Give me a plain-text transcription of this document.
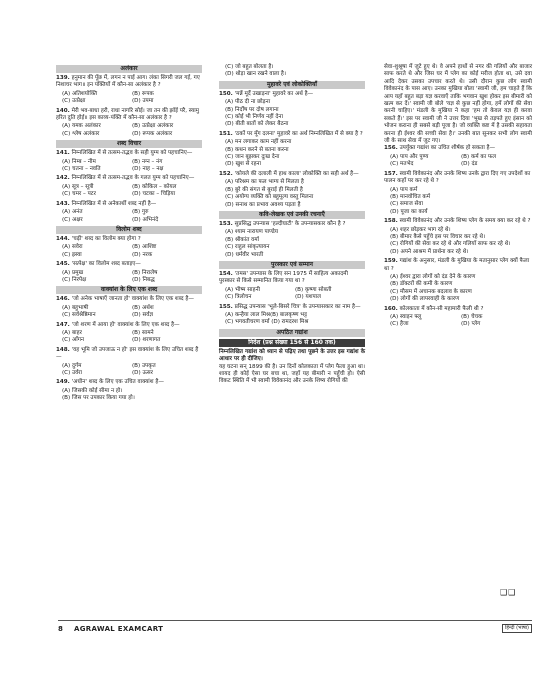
अलंकार
139. हनुमान की पूँछ में, लगन न पाई आग। लंका सिगरी जल गई, गए निशाचर भाग॥ इन पंक्तियों में कौन-सा अलंकार है ?
(A) अतिशयोक्ति	(B) रूपक
(C) उत्प्रेक्षा	(D) उपमा
140. मेरी भव-बाधा हरौ, राधा नागरि सोई। जा तन की झाँई परै, स्यामु हरित दुति होई॥ इस काव्य-पंक्ति में कौन-सा अलंकार है ?
(A) यमक अलंकार	(B) उत्प्रेक्षा अलंकार
(C) श्लेष अलंकार	(D) रूपक अलंकार
शब्द विचार
141. निम्नलिखित में से तत्सम-तद्भव के सही युग्म को पहचानिए—
(A) निम्ब – नीम	(B) नग्न – नंग
(C) चतना – नवति	(D) नाह – नक्ष
142. निम्नलिखित में से तत्सम-तद्भव के गलत युग्म को पहचानिए—
(A) सूत्र – सूत्री	(B) कोकिल – कोयल
(C) चमर – पटर	(D) चटका – चिड़िया
143. निम्नलिखित में से अनेकार्थी शब्द नहीं है—
(A) अनंत	(B) गुरु
(C) अक्षर	(D) अभिनंदे
विलोम शब्द
144. 'चढ़ी' शब्द का विलोम क्या होगा ?
(A) सवेरा	(B) आशिष्ट
(C) ह्रस्वा	(D) नरक
145. 'सत्पेक्ष' का विलोम शब्द बताइए—
(A) प्रमुख	(B) निरालेष
(C) निरपेक्ष	(D) निबद्ध
वाक्यांश के लिए एक शब्द
146. 'जो अनेक भाषाएँ जानता हो' वाक्यांश के लिए एक शब्द है—
(A) बहुभाषी	(B) अर्थश
(C) सर्वश्रेष्ठिमान	(D) सर्वज्ञ
147. 'जो शरण में आया हो' वाक्यांश के लिए एक शब्द है—
(A) बाहर	(B) सामने
(C) आँगन	(D) शरणागत
148. 'वह भूमि जो उपजाऊ न हो' इस वाक्यांश के लिए उचित शब्द है—
(A) दुर्गम	(B) उपकृत
(C) उर्वरा	(D) ऊसर
149. 'अधीन' शब्द के लिए एक उचित वाक्यांश है—
(A) जिसकी कोई सीमा न हो।
(B) जिस पर उपकार किया गया हो।
(C) जो बहुत बोलता है।
(D) थोड़ा खान रखने वाला है।
मुहावरे एवं लोकोक्तियाँ
150. 'मन्नें मूर्दे उखाड़ना' मुहावरे का अर्थ है—
(A) पीठ दी ना छोड़ना
(B) निर्दोष पर दोष लगाना
(C) कोई भी निर्णय नहीं देना
(D) बीती बातों को लेकर बैठना
151. 'ठकों पर मूँग दलना' मुहावरे का अर्थ निम्नलिखित में से क्या है ?
(A) मन लगाकर काम नहीं करना
(B) कथन करने से बतना करना
(C) जान बूझकर दुःख देना
(D) खुश से रहना
152. 'कोयले की दलाली में हाथ काला' लोकोक्ति का सही अर्थ है—
(A) परिश्रम का फल भाग्य से मिलता है
(B) बुरे की संगत से बुराई ही मिलती है
(C) अयोग्य व्यक्ति को बहुमूल्य वस्तु मिलना
(D) सनाथ का प्रभाव अवश्य पड़ता है
कवि-लेखक एवं उनकी रचनाएँ
153. सुप्रसिद्ध उपन्यास 'हल्दीघाटी' के उपन्यासकार कौन है ?
(A) श्याम नारायण पाण्डेय
(B) श्रीकांत वर्मा
(C) राहुल सांकृत्यायन
(D) धर्मवीर भारती
पुरस्कार एवं सम्मान
154. 'तमस' उपन्यास के लिए सन 1975 में साहित्य अकादमी पुरस्कार से किसे सम्मानित किया गया था ?
(A) भीष्म साहनी	(B) कृष्णा सोबती
(C) त्रिलोचन	(D) यशपाल
155. प्रसिद्ध उपन्यास 'भूले-बिसरे चित्र' के उपन्यासकार का नाम है—
(A) कन्हैया लाल मिश्र(B) बालकृष्ण भट्ट
(C) भगवतीचरण वर्मा (D) रामदरश मिश्र
अपठित गद्यांश
निर्देश (प्रश्न संख्या 156 से 160 तक)
निम्नलिखित गद्यांश को ध्यान से पढ़िए तथा पूछने के उत्तर इस गद्यांश के आधार पर ही दीजिए।
यह घटना सन् 1899 की है। उन दिनों कोलकाता में प्लेग फैला हुआ था। शायद ही कोई ऐसा घर बचा था, जहाँ यह बीमारी न पहुँची हो। ऐसी विकट स्थिति में भी स्वामी विवेकानंद और उनके शिष्य रोगियों की
सेवा-शुश्रूषा में जुटे हुए थे। वे अपने हाथों से नगर की गलियों और बाजार साफ करते थे और जिस घर में प्लेग का कोई मरीज होता था, उसे दवा आदि देकर उसका उपचार करते थे। उसी दौरान कुछ लोग स्वामी विवेकानंद के पास आए। उनका मुखिया बोला 'स्वामी जी, हम चाहते हैं कि आप यहाँ बहुत बड़ा यज्ञ करवाएँ ताकि भगवान खुश होकर इस बीमारी को खत्म कर दें।' स्वामी जी बोले 'यज्ञ से कुछ नहीं होगा, हमें लोगों की सेवा करनी चाहिए।' मंडली के मुखिया ने कहा 'हम तो केवल यज्ञ ही करवा सकते हैं।' इस पर स्वामी जी ने उत्तर दिया 'भूख से तड़पते हुए इंसान को भोजन कराना ही सबसे बड़ी पूजा है। जो व्यक्ति कष्ट में है उसकी सहायता करना ही ईश्वर की सच्ची सेवा है।' उनकी बात सुनकर सभी लोग स्वामी जी के साथ सेवा में जुट गए।
156. उपर्युक्त गद्यांश का उचित शीर्षक हो सकता है—
(A) पाप और पुण्य	(B) कर्म का फल
(C) मतभेद	(D) दंड
157. स्वामी विवेकानंद और उनके शिष्य उनके द्वारा दिए गए उपदेशों का पालन कहाँ पर कर रहे थे ?
(A) पाप कर्म
(B) मानवोचित कर्म
(C) समाज सेवा
(D) पूजा का कार्य
158. स्वामी विवेकानंद और उनके शिष्य प्लेग के समय क्या कर रहे थे ?
(A) शहर छोड़कर भाग रहे थे।
(B) बीमार कैसे पहुँचे इस पर विचार कर रहे थे।
(C) रोगियों की सेवा कर रहे थे और गलियाँ साफ कर रहे थे।
(D) अपने आश्रम में प्रार्थना कर रहे थे।
159. गद्यांश के अनुसार, मंडली के मुखिया के मतानुसार प्लेग क्यों फैला था ?
(A) ईश्वर द्वारा लोगों को दंड देने के कारण
(B) डॉक्टरों की कमी के कारण
(C) मौसम में अचानक बदलाव के कारण
(D) लोगों की लापरवाही के कारण
160. कोलकाता में कौन-सी महामारी फैली थी ?
(A) स्वाइन फ्लू	(B) चेचक
(C) हैजा	(D) प्लेग
❑❑
8 AGRAWAL EXAMCART	हिन्दी (भाषा)
